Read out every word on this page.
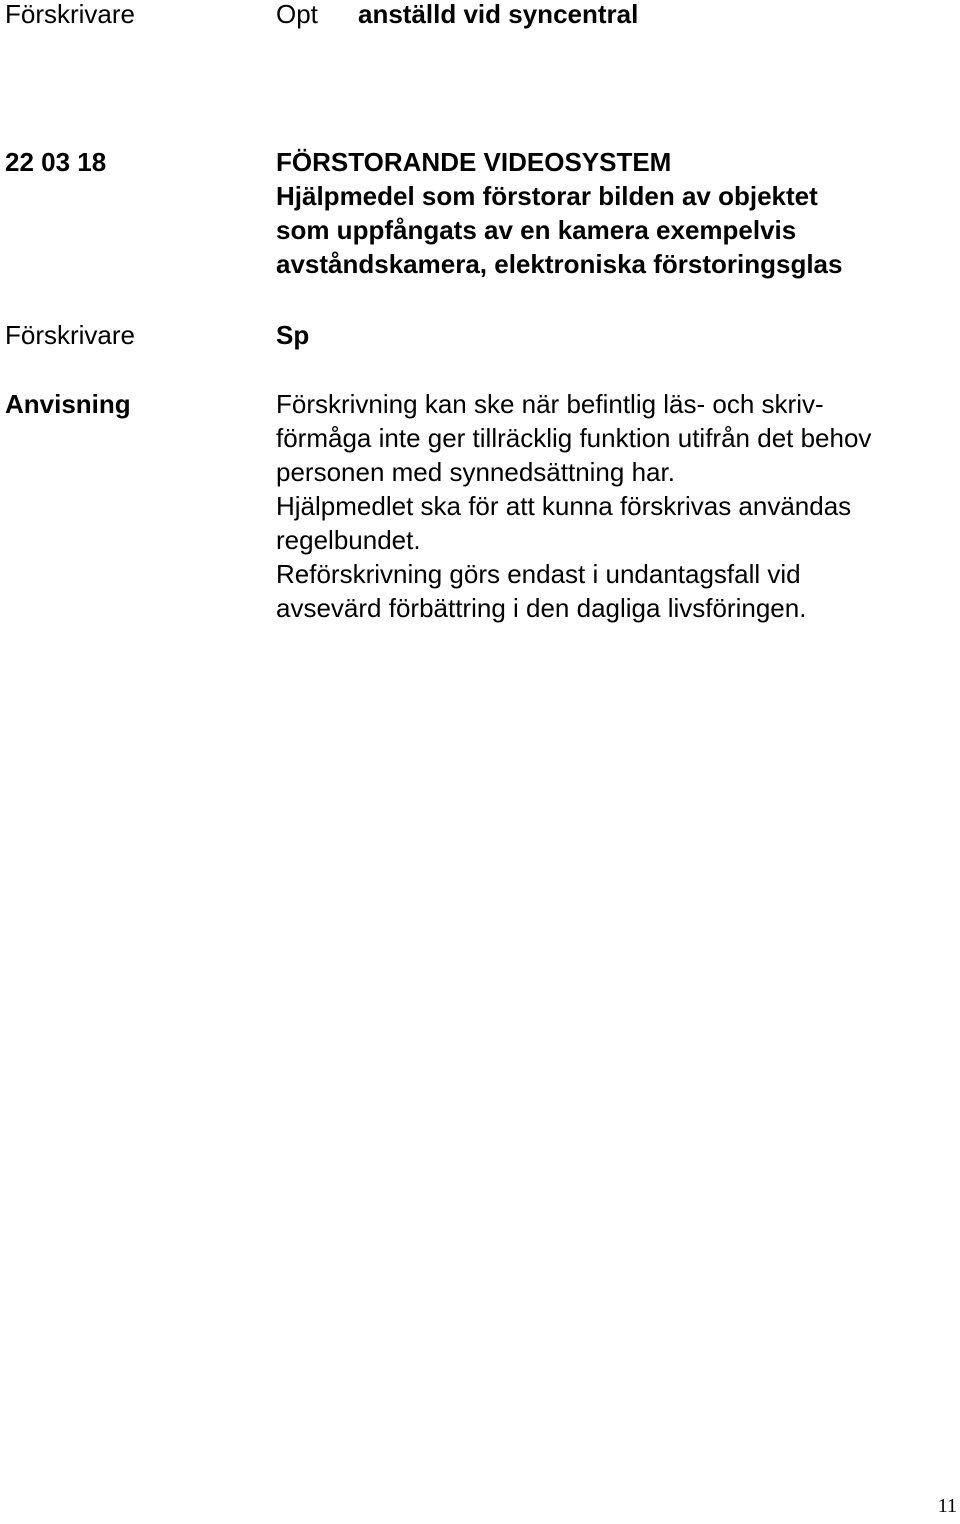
Förskrivare	Opt anställd vid syncentral
22 03 18	FÖRSTORANDE VIDEOSYSTEM
Hjälpmedel som förstorar bilden av objektet
som uppfångats av en kamera exempelvis
avståndskamera, elektroniska förstoringsglas
Förskrivare	Sp
Anvisning	Förskrivning kan ske när befintlig läs- och skriv-
förmåga inte ger tillräcklig funktion utifrån det behov
personen med synnedsättning har.
Hjälpmedlet ska för att kunna förskrivas användas
regelbundet.
Reförskrivning görs endast i undantagsfall vid
avsevärd förbättring i den dagliga livsföringen.
11
